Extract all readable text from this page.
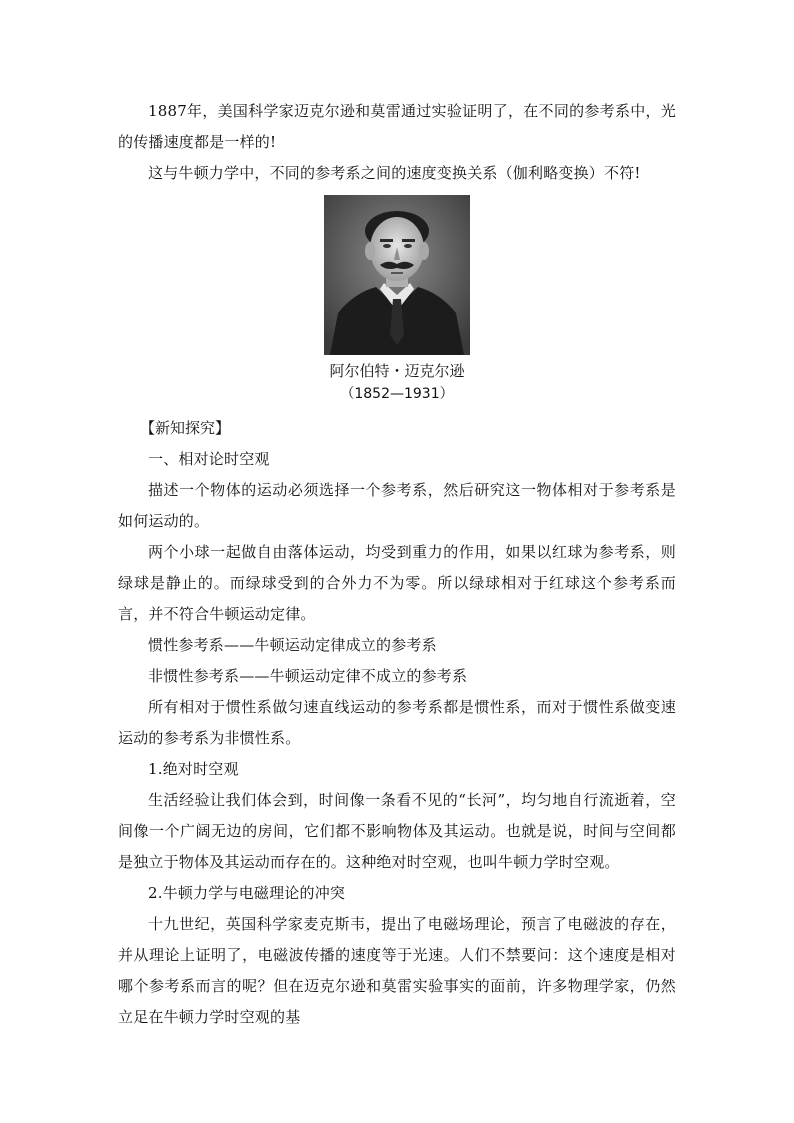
1887年，美国科学家迈克尔逊和莫雷通过实验证明了，在不同的参考系中，光的传播速度都是一样的!

这与牛顿力学中，不同的参考系之间的速度变换关系（伽利略变换）不符!

阿尔伯特・迈克尔逊

（1852—1931）

【新知探究】

一、相对论时空观

描述一个物体的运动必须选择一个参考系，然后研究这一物体相对于参考系是如何运动的。

两个小球一起做自由落体运动，均受到重力的作用，如果以红球为参考系，则绿球是静止的。而绿球受到的合外力不为零。所以绿球相对于红球这个参考系而言，并不符合牛顿运动定律。

惯性参考系——牛顿运动定律成立的参考系

非惯性参考系——牛顿运动定律不成立的参考系

所有相对于惯性系做匀速直线运动的参考系都是惯性系，而对于惯性系做变速运动的参考系为非惯性系。

1.绝对时空观

生活经验让我们体会到，时间像一条看不见的“长河”，均匀地自行流逝着，空间像一个广阔无边的房间，它们都不影响物体及其运动。也就是说，时间与空间都是独立于物体及其运动而存在的。这种绝对时空观，也叫牛顿力学时空观。

2.牛顿力学与电磁理论的冲突

十九世纪，英国科学家麦克斯韦，提出了电磁场理论，预言了电磁波的存在，并从理论上证明了，电磁波传播的速度等于光速。人们不禁要问：这个速度是相对哪个参考系而言的呢？但在迈克尔逊和莫雷实验事实的面前，许多物理学家，仍然立足在牛顿力学时空观的基
